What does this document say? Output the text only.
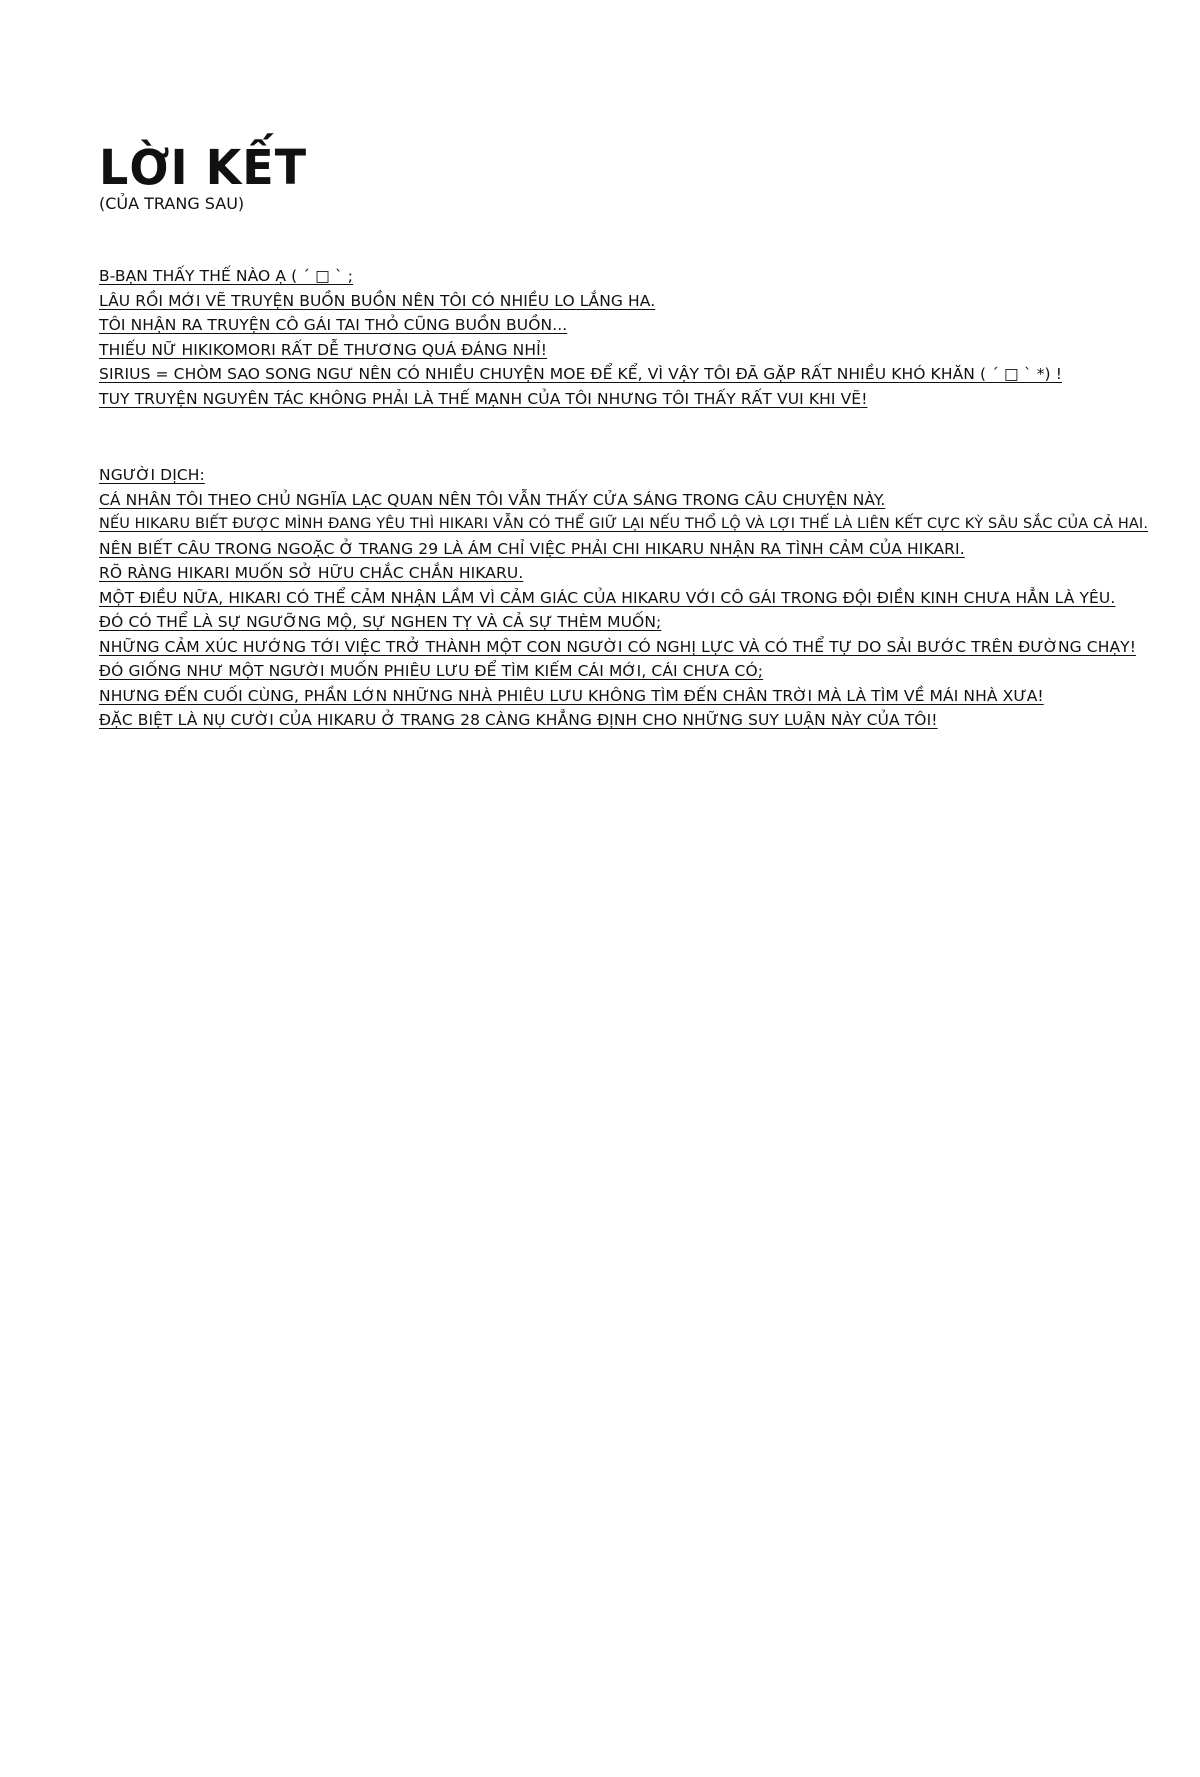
LỜI KẾT

(CỦA TRANG SAU)

B-BẠN THẤY THẾ NÀO Ạ ( ´ □ ` ;
LÂU RỒI MỚI VẼ TRUYỆN BUỒN BUỒN NÊN TÔI CÓ NHIỀU LO LẮNG HA.
TÔI NHẬN RA TRUYỆN CÔ GÁI TAI THỎ CŨNG BUỒN BUỒN...
THIẾU NỮ HIKIKOMORI RẤT DỄ THƯƠNG QUÁ ĐÁNG NHỈ!
SIRIUS = CHÒM SAO SONG NGƯ NÊN CÓ NHIỀU CHUYỆN MOE ĐỂ KỂ, VÌ VẬY TÔI ĐÃ GẶP RẤT NHIỀU KHÓ KHĂN ( ´ □ ` *) !
TUY TRUYỆN NGUYÊN TÁC KHÔNG PHẢI LÀ THẾ MẠNH CỦA TÔI NHƯNG TÔI THẤY RẤT VUI KHI VẼ!
NGƯỜI DỊCH:
CÁ NHÂN TÔI THEO CHỦ NGHĨA LẠC QUAN NÊN TÔI VẪN THẤY CỬA SÁNG TRONG CÂU CHUYỆN NÀY.
NẾU HIKARU BIẾT ĐƯỢC MÌNH ĐANG YÊU THÌ HIKARI VẪN CÓ THỂ GIỮ LẠI NẾU THỔ LỘ VÀ LỢI THẾ LÀ LIÊN KẾT CỰC KỲ SÂU SẮC CỦA CẢ HAI.
NÊN BIẾT CÂU TRONG NGOẶC Ở TRANG 29 LÀ ÁM CHỈ VIỆC PHẢI CHI HIKARU NHẬN RA TÌNH CẢM CỦA HIKARI.
RÕ RÀNG HIKARI MUỐN SỞ HỮU CHẮC CHẮN HIKARU.
MỘT ĐIỀU NỮA, HIKARI CÓ THỂ CẢM NHẬN LẦM VÌ CẢM GIÁC CỦA HIKARU VỚI CÔ GÁI TRONG ĐỘI ĐIỀN KINH CHƯA HẲN LÀ YÊU.
ĐÓ CÓ THỂ LÀ SỰ NGƯỠNG MỘ, SỰ NGHEN TỴ VÀ CẢ SỰ THÈM MUỐN;
NHỮNG CẢM XÚC HƯỚNG TỚI VIỆC TRỞ THÀNH MỘT CON NGƯỜI CÓ NGHỊ LỰC VÀ CÓ THỂ TỰ DO SẢI BƯỚC TRÊN ĐƯỜNG CHẠY!
ĐÓ GIỐNG NHƯ MỘT NGƯỜI MUỐN PHIÊU LƯU ĐỂ TÌM KIẾM CÁI MỚI, CÁI CHƯA CÓ;
NHƯNG ĐẾN CUỐI CÙNG, PHẦN LỚN NHỮNG NHÀ PHIÊU LƯU KHÔNG TÌM ĐẾN CHÂN TRỜI MÀ LÀ TÌM VỀ MÁI NHÀ XƯA!
ĐẶC BIỆT LÀ NỤ CƯỜI CỦA HIKARU Ở TRANG 28 CÀNG KHẲNG ĐỊNH CHO NHỮNG SUY LUẬN NÀY CỦA TÔI!
